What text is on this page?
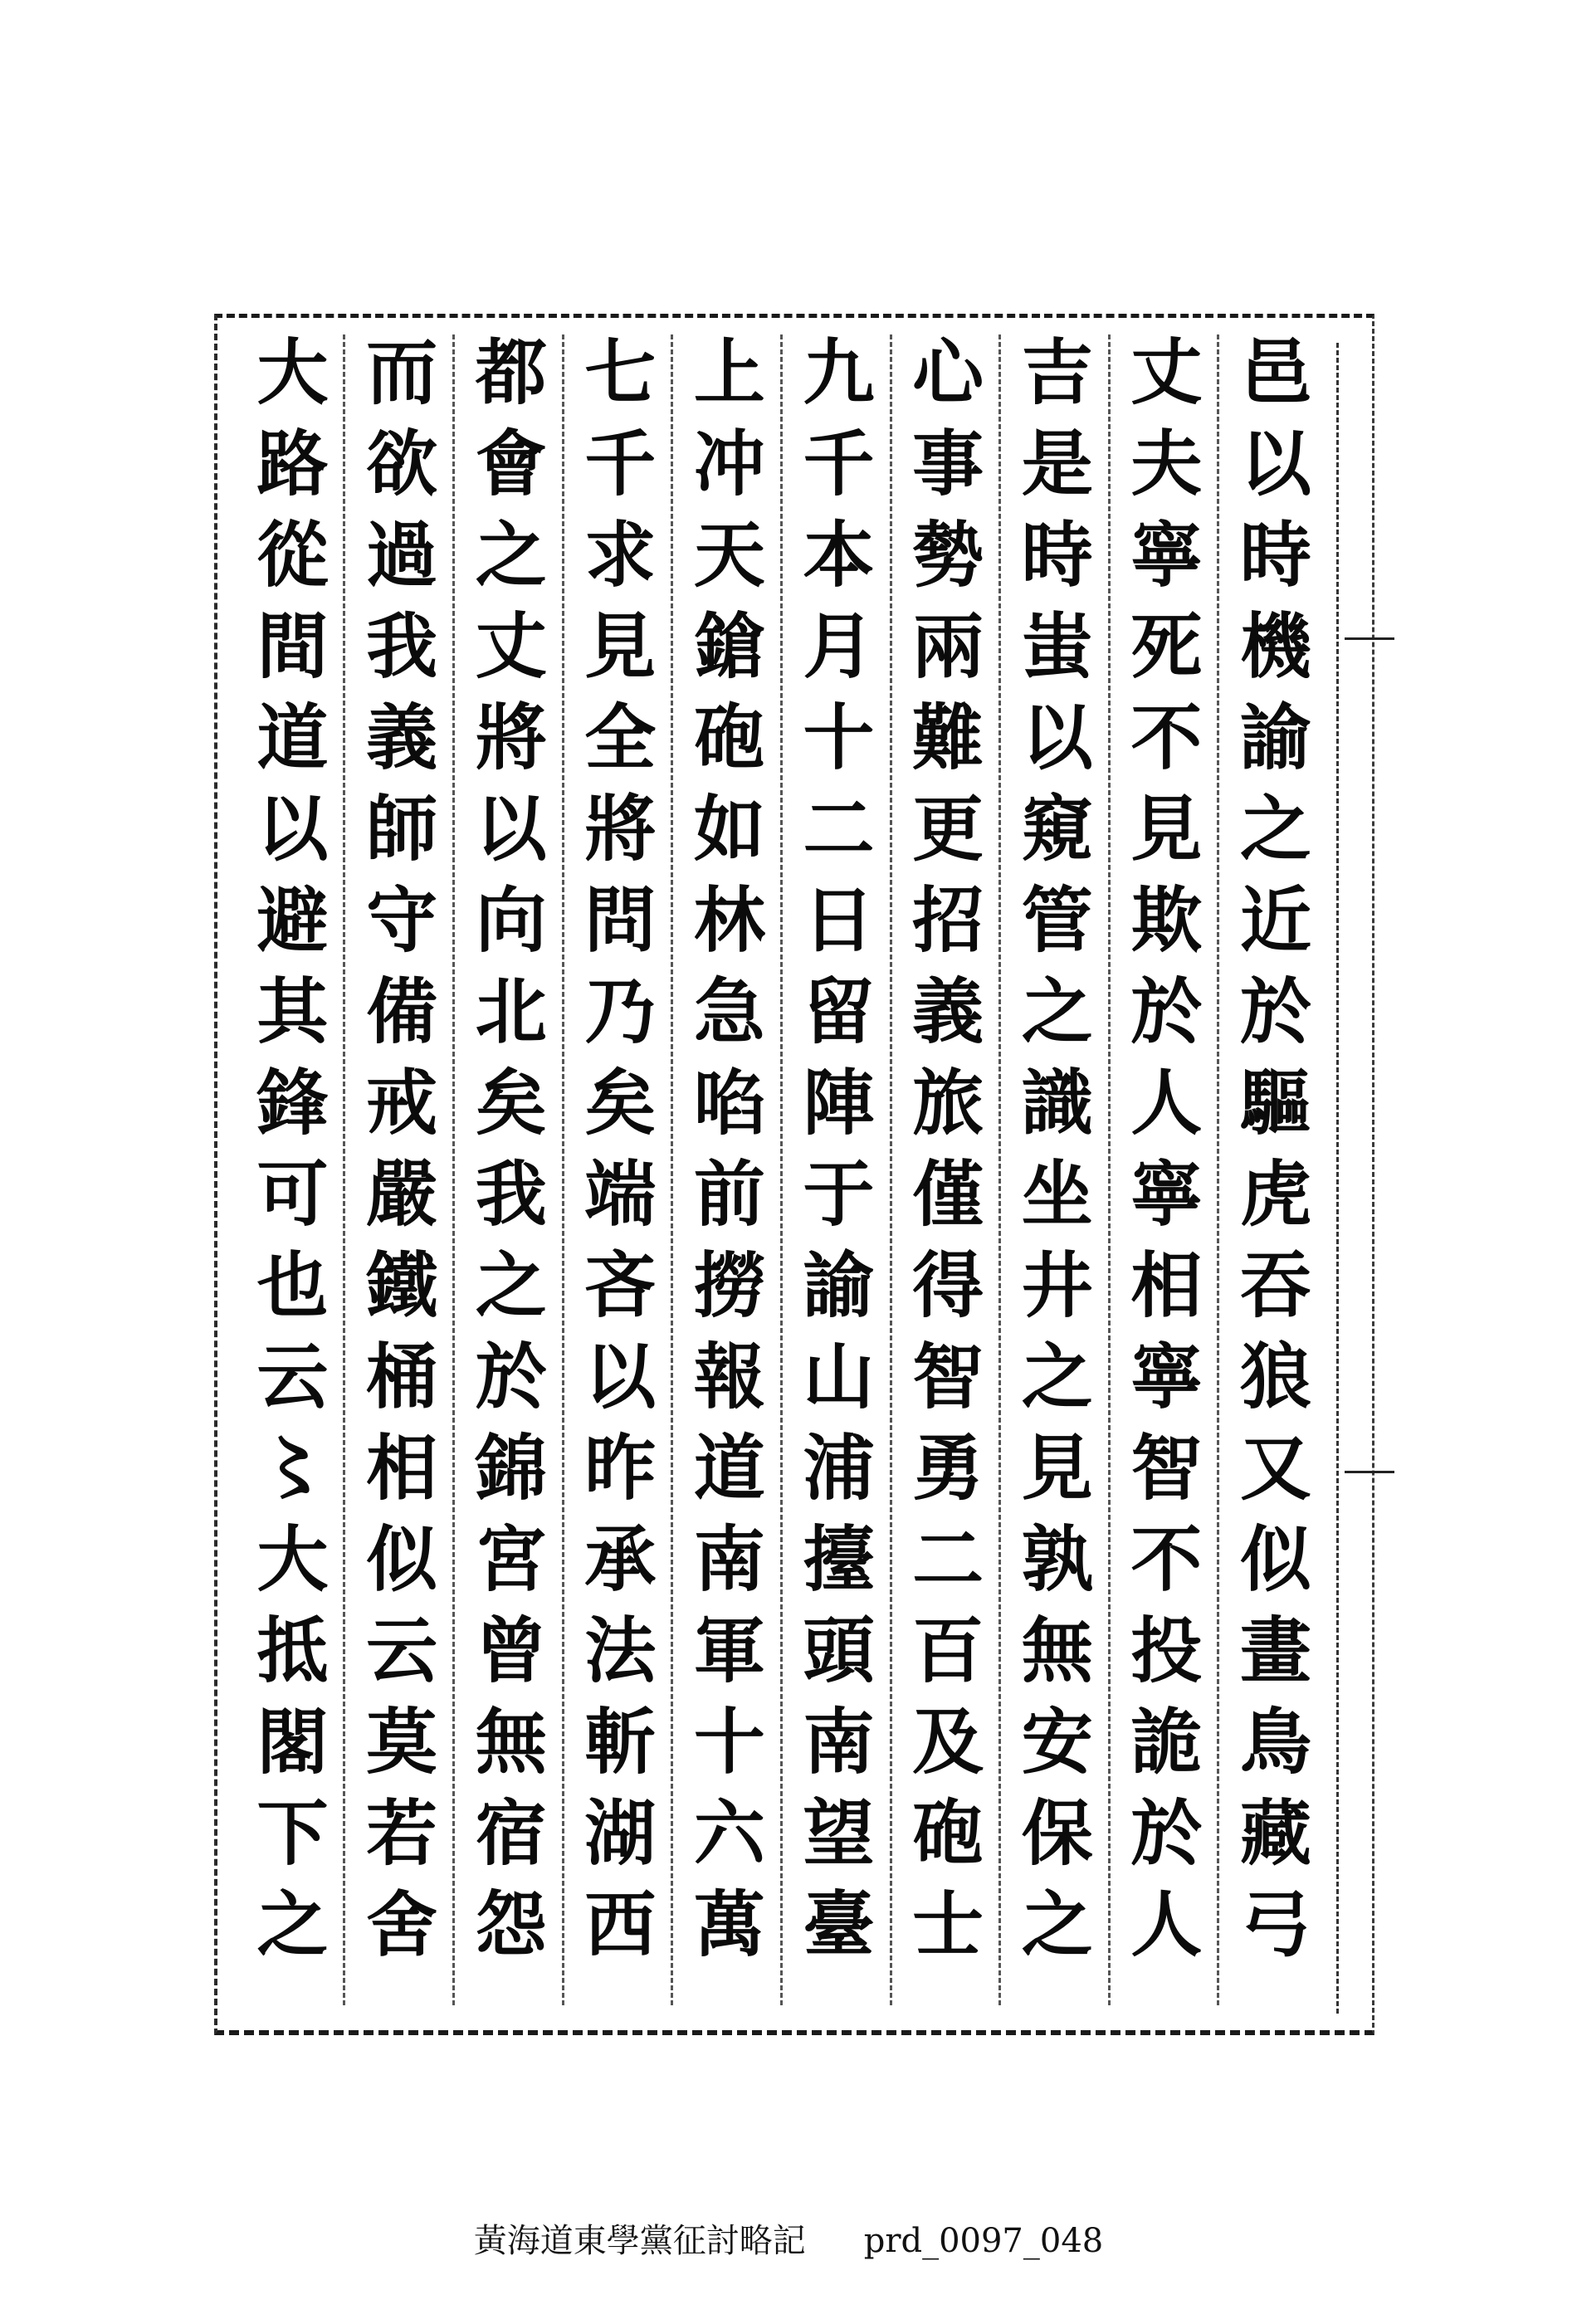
邑以時機諭之近於驅虎吞狼又似畫鳥藏弓
丈夫寧死不見欺於人寧相寧智不投詭於人
吉是時蚩以窺管之識坐井之見孰無安保之
心事勢兩難更招義旅僅得智勇二百及砲士
九千本月十二日留陣于諭山浦擡頭南望臺
上冲天鎗砲如林急啗前撈報道南軍十六萬
七千求見全將問乃矣端吝以昨承法斬湖西
都會之丈將以向北矣我之於錦宮曾無宿怨
而欲過我義師守備戒嚴鐵桶相似云莫若舍
大路從間道以避其鋒可也云〻大抵閣下之
黃海道東學黨征討略記 prd_0097_048
